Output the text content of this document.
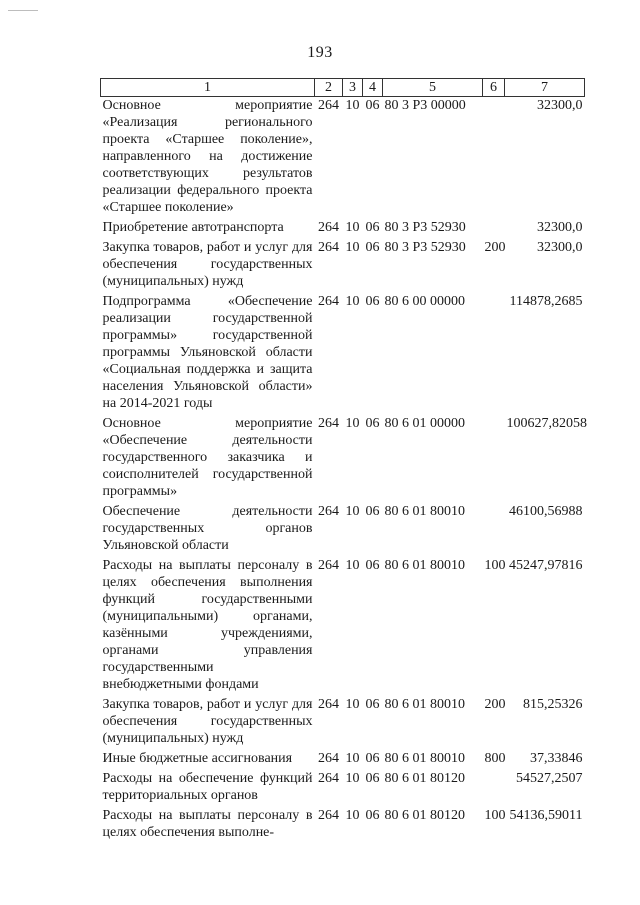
193
1	2	3	4	5	6	7
Основное мероприятие «Реализация регионального проекта «Старшее поколение», направленного на достижение соответствующих результатов реализации федерального проекта «Старшее поколение»	264	10	06	80 3 Р3 00000		32300,0
Приобретение автотранспорта	264	10	06	80 3 Р3 52930		32300,0
Закупка товаров, работ и услуг для обеспечения государственных (муниципальных) нужд	264	10	06	80 3 Р3 52930	200	32300,0
Подпрограмма «Обеспечение реализации государственной программы» государственной программы Ульяновской области «Социальная поддержка и защита населения Ульяновской области» на 2014-2021 годы	264	10	06	80 6 00 00000		114878,2685
Основное мероприятие «Обеспечение деятельности государственного заказчика и соисполнителей государственной программы»	264	10	06	80 6 01 00000		100627,82058
Обеспечение деятельности государственных органов Ульяновской области	264	10	06	80 6 01 80010		46100,56988
Расходы на выплаты персоналу в целях обеспечения выполнения функций государственными (муниципальными) органами, казёнными учреждениями, органами управления государственными внебюджетными фондами	264	10	06	80 6 01 80010	100	45247,97816
Закупка товаров, работ и услуг для обеспечения государственных (муниципальных) нужд	264	10	06	80 6 01 80010	200	815,25326
Иные бюджетные ассигнования	264	10	06	80 6 01 80010	800	37,33846
Расходы на обеспечение функций территориальных органов	264	10	06	80 6 01 80120		54527,2507
Расходы на выплаты персоналу в целях обеспечения выполне-	264	10	06	80 6 01 80120	100	54136,59011
